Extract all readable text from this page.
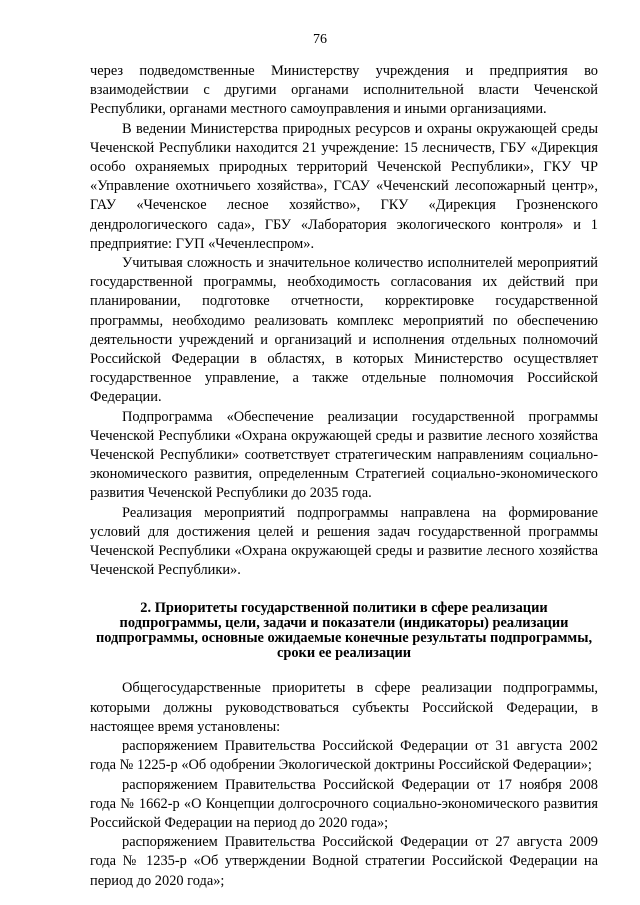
76

через подведомственные Министерству учреждения и предприятия во взаимодействии с другими органами исполнительной власти Чеченской Республики, органами местного самоуправления и иными организациями.

В ведении Министерства природных ресурсов и охраны окружающей среды Чеченской Республики находится 21 учреждение: 15 лесничеств, ГБУ «Дирекция особо охраняемых природных территорий Чеченской Республики», ГКУ ЧР «Управление охотничьего хозяйства», ГСАУ «Чеченский лесопожарный центр», ГАУ «Чеченское лесное хозяйство», ГКУ «Дирекция Грозненского дендрологического сада», ГБУ «Лаборатория экологического контроля» и 1 предприятие: ГУП «Чеченлеспром».

Учитывая сложность и значительное количество исполнителей мероприятий государственной программы, необходимость согласования их действий при планировании, подготовке отчетности, корректировке государственной программы, необходимо реализовать комплекс мероприятий по обеспечению деятельности учреждений и организаций и исполнения отдельных полномочий Российской Федерации в областях, в которых Министерство осуществляет государственное управление, а также отдельные полномочия Российской Федерации.

Подпрограмма «Обеспечение реализации государственной программы Чеченской Республики «Охрана окружающей среды и развитие лесного хозяйства Чеченской Республики» соответствует стратегическим направлениям социально-экономического развития, определенным Стратегией социально-экономического развития Чеченской Республики до 2035 года.

Реализация мероприятий подпрограммы направлена на формирование условий для достижения целей и решения задач государственной программы Чеченской Республики «Охрана окружающей среды и развитие лесного хозяйства Чеченской Республики».

2. Приоритеты государственной политики в сфере реализации подпрограммы, цели, задачи и показатели (индикаторы) реализации подпрограммы, основные ожидаемые конечные результаты подпрограммы, сроки ее реализации

Общегосударственные приоритеты в сфере реализации подпрограммы, которыми должны руководствоваться субъекты Российской Федерации, в настоящее время установлены:

распоряжением Правительства Российской Федерации от 31 августа 2002 года № 1225-р «Об одобрении Экологической доктрины Российской Федерации»;

распоряжением Правительства Российской Федерации от 17 ноября 2008 года № 1662-р «О Концепции долгосрочного социально-экономического развития Российской Федерации на период до 2020 года»;

распоряжением Правительства Российской Федерации от 27 августа 2009 года № 1235-р «Об утверждении Водной стратегии Российской Федерации на период до 2020 года»;
